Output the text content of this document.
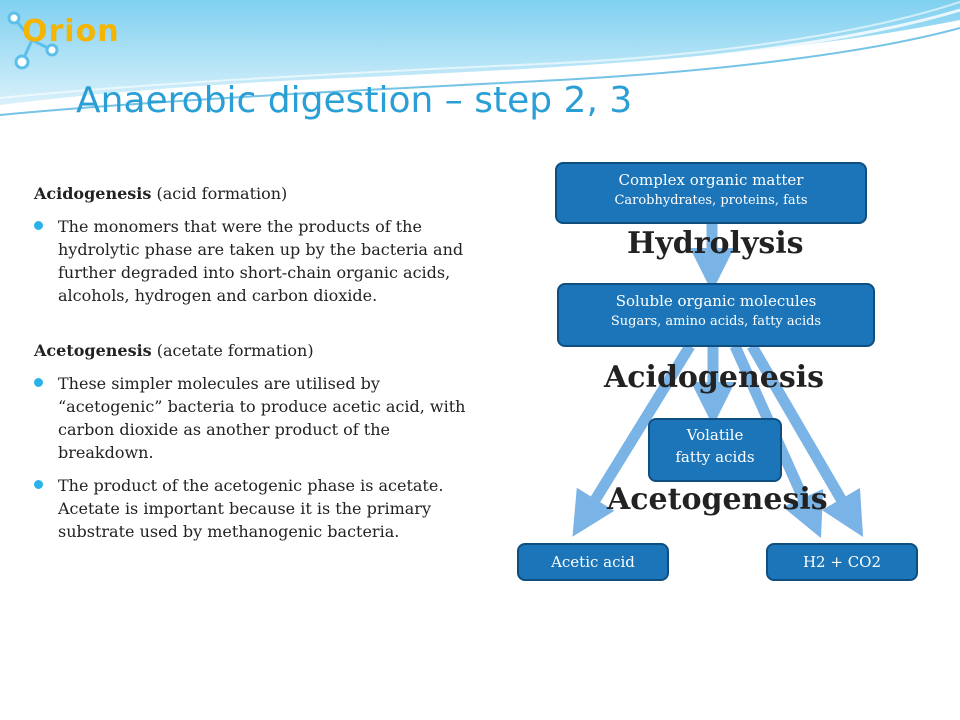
Orion
Anaerobic digestion – step 2, 3

Acidogenesis (acid formation)

The monomers that were the products of the hydrolytic phase are taken up by the bacteria and further degraded into short-chain organic acids, alcohols, hydrogen and carbon dioxide.

Acetogenesis (acetate formation)

These simpler molecules are utilised by “acetogenic” bacteria to produce acetic acid, with carbon dioxide as another product of the breakdown.
The product of the acetogenic phase is acetate. Acetate is important because it is the primary substrate used by methanogenic bacteria.
Complex organic matter
Carobhydrates, proteins, fats
Soluble organic molecules
Sugars, amino acids, fatty acids
Volatile
fatty acids
Acetic acid	H2 + CO2
Hydrolysis
Acidogenesis
Acetogenesis
